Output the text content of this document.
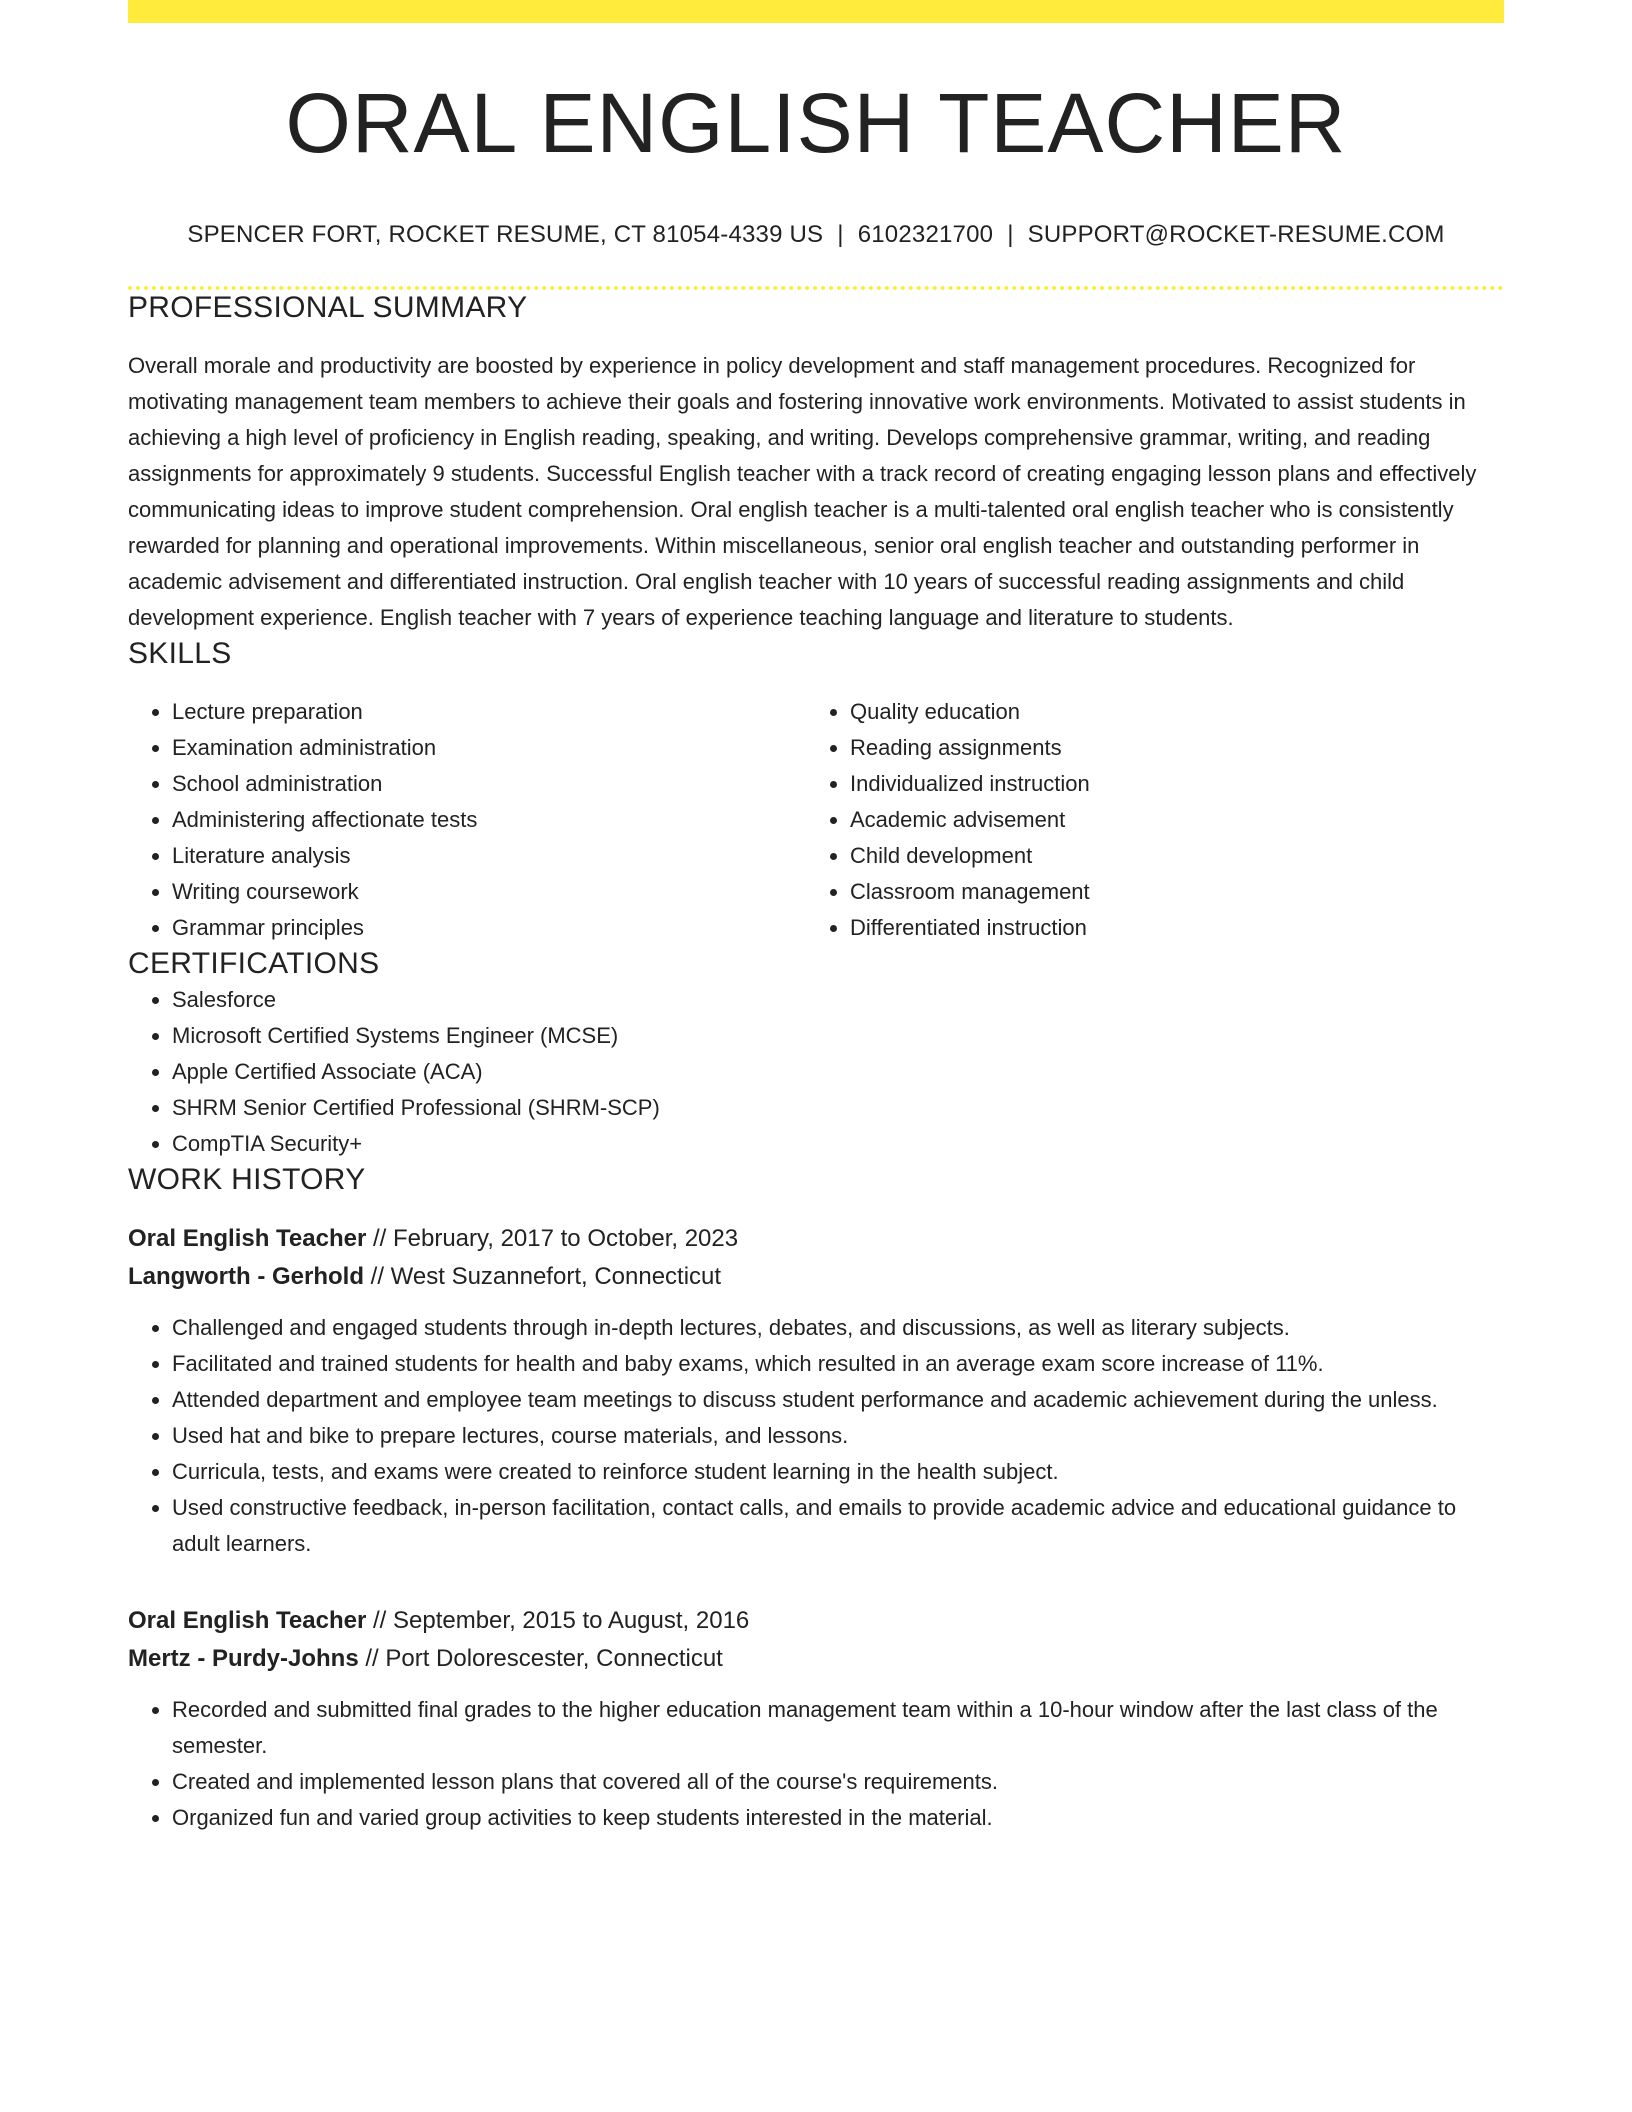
ORAL ENGLISH TEACHER
SPENCER FORT, ROCKET RESUME, CT 81054-4339 US | 6102321700 | SUPPORT@ROCKET-RESUME.COM
PROFESSIONAL SUMMARY
Overall morale and productivity are boosted by experience in policy development and staff management procedures. Recognized for motivating management team members to achieve their goals and fostering innovative work environments. Motivated to assist students in achieving a high level of proficiency in English reading, speaking, and writing. Develops comprehensive grammar, writing, and reading assignments for approximately 9 students. Successful English teacher with a track record of creating engaging lesson plans and effectively communicating ideas to improve student comprehension. Oral english teacher is a multi-talented oral english teacher who is consistently rewarded for planning and operational improvements. Within miscellaneous, senior oral english teacher and outstanding performer in academic advisement and differentiated instruction. Oral english teacher with 10 years of successful reading assignments and child development experience. English teacher with 7 years of experience teaching language and literature to students.
SKILLS
• Lecture preparation
• Examination administration
• School administration
• Administering affectionate tests
• Literature analysis
• Writing coursework
• Grammar principles
• Quality education
• Reading assignments
• Individualized instruction
• Academic advisement
• Child development
• Classroom management
• Differentiated instruction
CERTIFICATIONS
• Salesforce
• Microsoft Certified Systems Engineer (MCSE)
• Apple Certified Associate (ACA)
• SHRM Senior Certified Professional (SHRM-SCP)
• CompTIA Security+
WORK HISTORY
Oral English Teacher // February, 2017 to October, 2023
Langworth - Gerhold // West Suzannefort, Connecticut
• Challenged and engaged students through in-depth lectures, debates, and discussions, as well as literary subjects.
• Facilitated and trained students for health and baby exams, which resulted in an average exam score increase of 11%.
• Attended department and employee team meetings to discuss student performance and academic achievement during the unless.
• Used hat and bike to prepare lectures, course materials, and lessons.
• Curricula, tests, and exams were created to reinforce student learning in the health subject.
• Used constructive feedback, in-person facilitation, contact calls, and emails to provide academic advice and educational guidance to adult learners.
Oral English Teacher // September, 2015 to August, 2016
Mertz - Purdy-Johns // Port Dolorescester, Connecticut
• Recorded and submitted final grades to the higher education management team within a 10-hour window after the last class of the semester.
• Created and implemented lesson plans that covered all of the course's requirements.
• Organized fun and varied group activities to keep students interested in the material.
